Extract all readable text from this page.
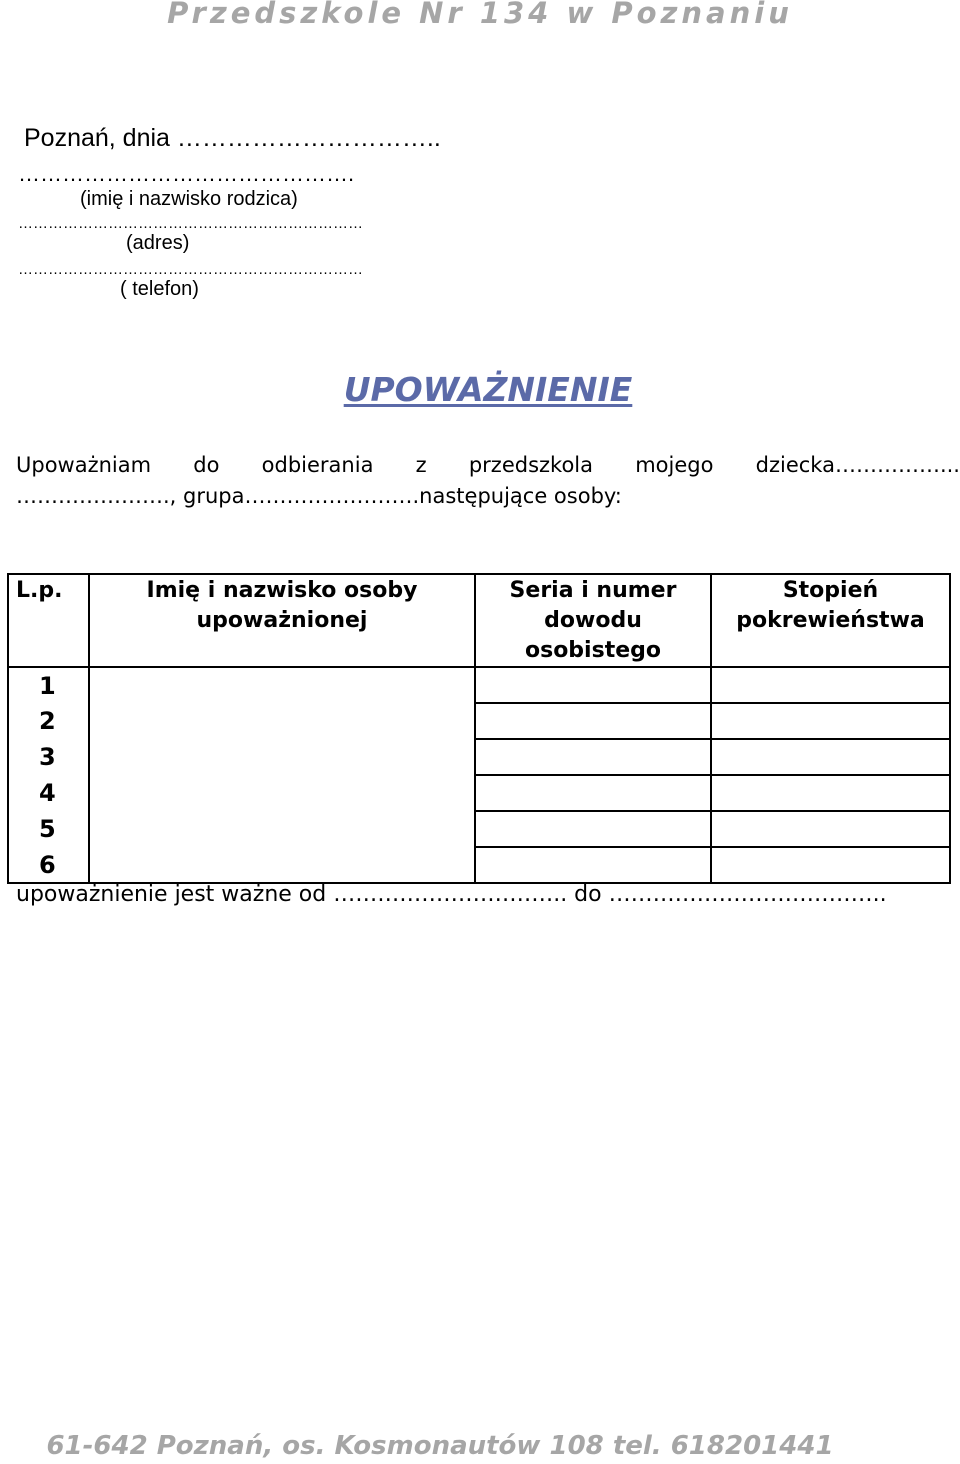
Przedszkole Nr 134 w Poznaniu
Poznań, dnia …………………………..
……………………………………….
(imię i nazwisko rodzica)
……………………………………………………………
(adres)
……………………………………………………………
( telefon)
UPOWAŻNIENIE
Upoważniam do odbierania z przedszkola mojego dziecka……………...
…………………., grupa…………………….następujące osoby:
L.p.	Imię i nazwisko osoby upoważnionej	Seria i numer dowodu osobistego	Stopień pokrewieństwa
1			
2			
3			
4			
5			
6			
upoważnienie jest ważne od ………………………….. do ………………………………..
61-642 Poznań, os. Kosmonautów 108 tel. 618201441
